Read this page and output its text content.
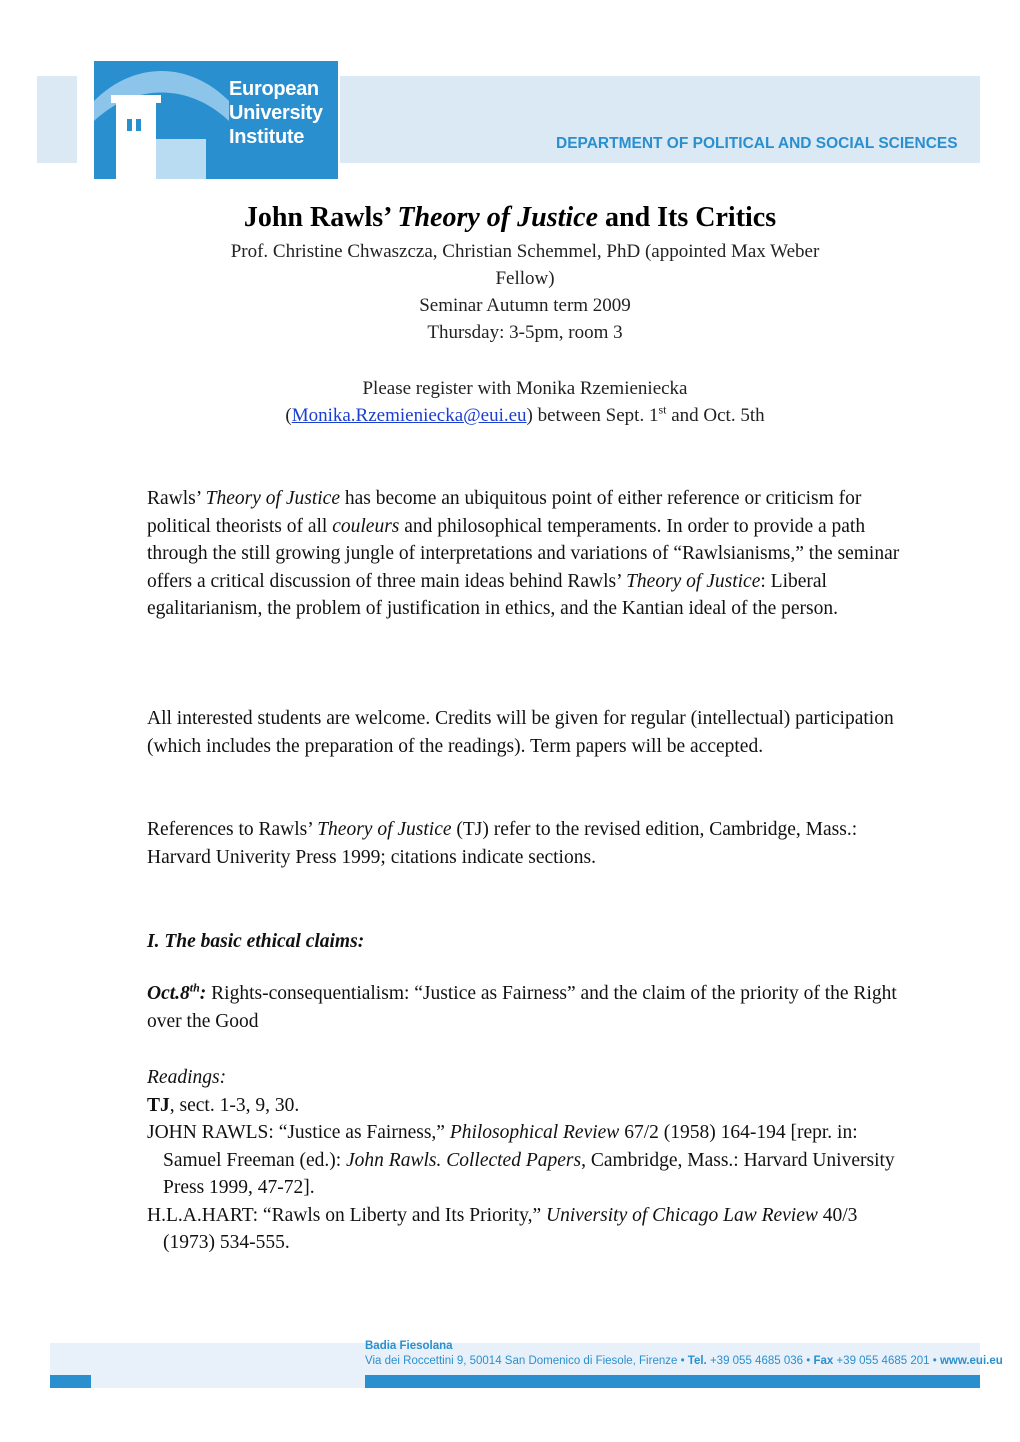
European
University
Institute	DEPARTMENT OF POLITICAL AND SOCIAL SCIENCES
John Rawls’ Theory of Justice and Its Critics
Prof. Christine Chwaszcza, Christian Schemmel, PhD (appointed Max Weber
Fellow)
Seminar Autumn term 2009
Thursday: 3-5pm, room 3
Please register with Monika Rzemieniecka
(Monika.Rzemieniecka@eui.eu) between Sept. 1st and Oct. 5th
Rawls’ Theory of Justice has become an ubiquitous point of either reference or criticism for political theorists of all couleurs and philosophical temperaments. In order to provide a path through the still growing jungle of interpretations and variations of “Rawlsianisms,” the seminar offers a critical discussion of three main ideas behind Rawls’ Theory of Justice: Liberal egalitarianism, the problem of justification in ethics, and the Kantian ideal of the person.
All interested students are welcome. Credits will be given for regular (intellectual) participation (which includes the preparation of the readings). Term papers will be accepted.
References to Rawls’ Theory of Justice (TJ) refer to the revised edition, Cambridge, Mass.: Harvard Univerity Press 1999; citations indicate sections.
I. The basic ethical claims:
Oct.8th: Rights-consequentialism: “Justice as Fairness” and the claim of the priority of the Right over the Good
Readings:
TJ, sect. 1-3, 9, 30.
JOHN RAWLS: “Justice as Fairness,” Philosophical Review 67/2 (1958) 164-194 [repr. in: Samuel Freeman (ed.): John Rawls. Collected Papers, Cambridge, Mass.: Harvard University Press 1999, 47-72].
H.L.A.HART: “Rawls on Liberty and Its Priority,” University of Chicago Law Review 40/3 (1973) 534-555.
Badia Fiesolana
Via dei Roccettini 9, 50014 San Domenico di Fiesole, Firenze • Tel. +39 055 4685 036 • Fax +39 055 4685 201 • www.eui.eu
